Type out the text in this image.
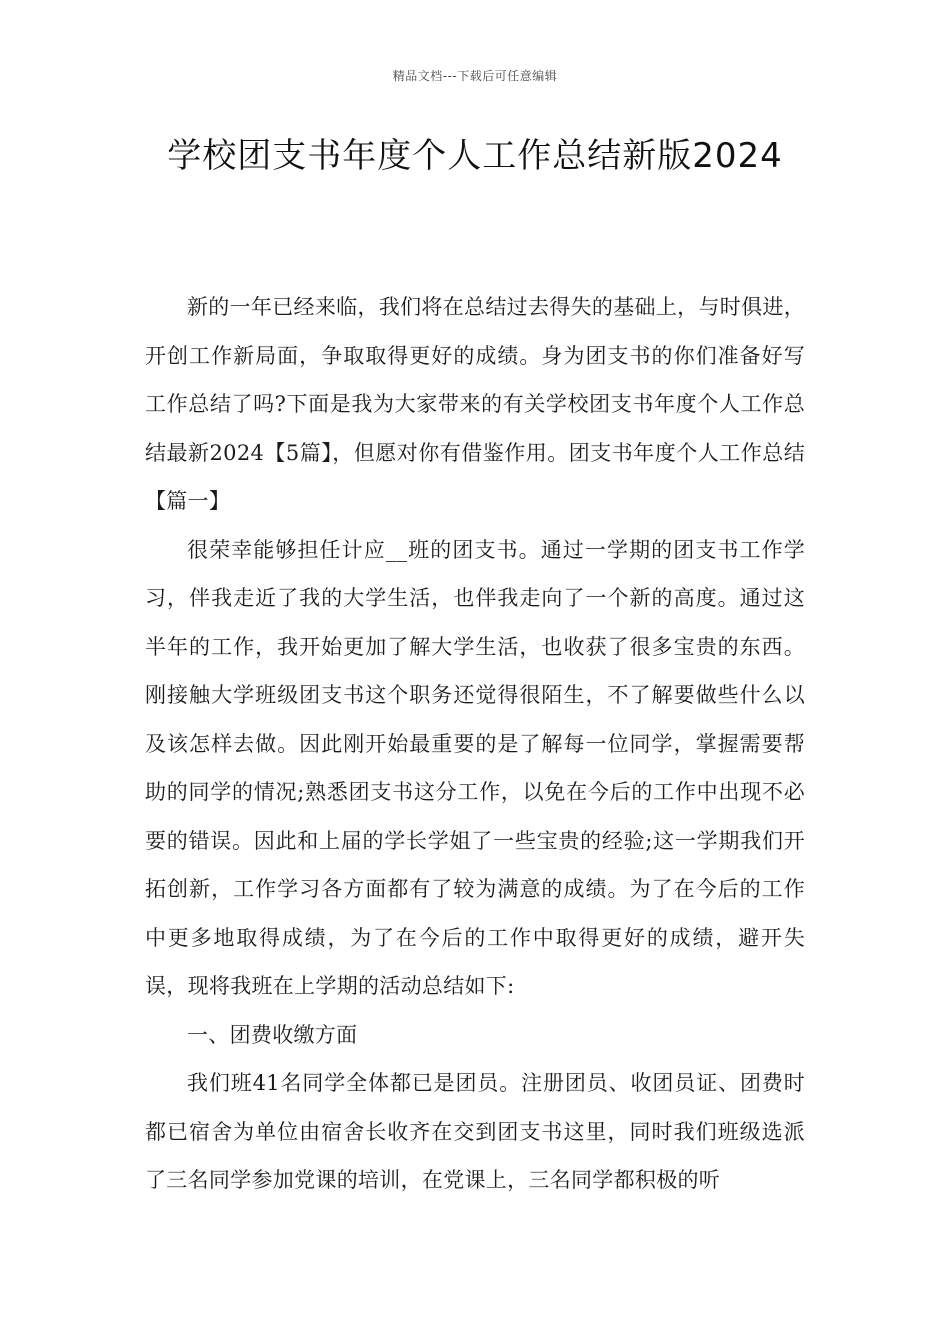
精品文档---下载后可任意编辑
学校团支书年度个人工作总结新版2024

新的一年已经来临，我们将在总结过去得失的基础上，与时俱进，开创工作新局面，争取取得更好的成绩。身为团支书的你们准备好写工作总结了吗?下面是我为大家带来的有关学校团支书年度个人工作总结最新2024【5篇】，但愿对你有借鉴作用。团支书年度个人工作总结【篇一】

很荣幸能够担任计应__班的团支书。通过一学期的团支书工作学习，伴我走近了我的大学生活，也伴我走向了一个新的高度。通过这半年的工作，我开始更加了解大学生活，也收获了很多宝贵的东西。刚接触大学班级团支书这个职务还觉得很陌生，不了解要做些什么以及该怎样去做。因此刚开始最重要的是了解每一位同学，掌握需要帮助的同学的情况;熟悉团支书这分工作，以免在今后的工作中出现不必要的错误。因此和上届的学长学姐了一些宝贵的经验;这一学期我们开拓创新，工作学习各方面都有了较为满意的成绩。为了在今后的工作中更多地取得成绩，为了在今后的工作中取得更好的成绩，避开失误，现将我班在上学期的活动总结如下:

一、团费收缴方面

我们班41名同学全体都已是团员。注册团员、收团员证、团费时都已宿舍为单位由宿舍长收齐在交到团支书这里，同时我们班级选派了三名同学参加党课的培训，在党课上，三名同学都积极的听
